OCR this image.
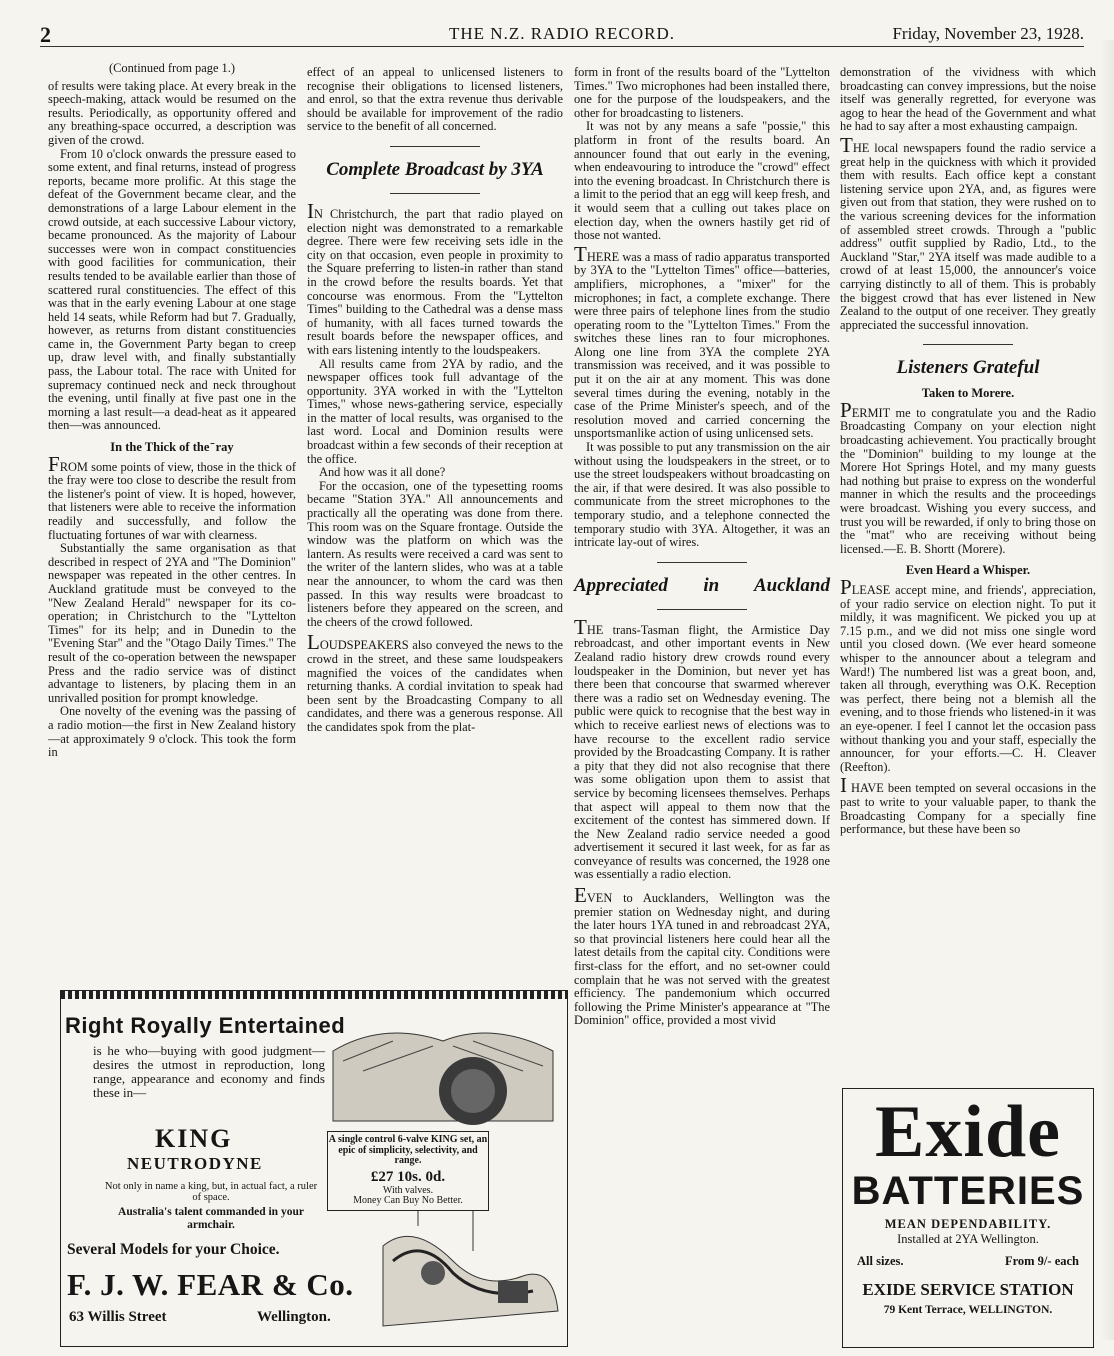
2	THE N.Z. RADIO RECORD.	Friday, November 23, 1928.
(Continued from page 1.)

of results were taking place. At every break in the speech-making, attack would be resumed on the results. Periodically, as opportunity offered and any breathing-space occurred, a description was given of the crowd.

From 10 o'clock onwards the pressure eased to some extent, and final returns, instead of progress reports, became more prolific. At this stage the defeat of the Government became clear, and the demonstrations of a large Labour element in the crowd outside, at each successive Labour victory, became pronounced. As the majority of Labour successes were won in compact constituencies with good facilities for communication, their results tended to be available earlier than those of scattered rural constituencies. The effect of this was that in the early evening Labour at one stage held 14 seats, while Reform had but 7. Gradually, however, as returns from distant constituencies came in, the Government Party began to creep up, draw level with, and finally substantially pass, the Labour total. The race with United for supremacy continued neck and neck throughout the evening, until finally at five past one in the morning a last result—a dead-heat as it appeared then—was announced.

In the Thick of the ̄ ray

FROM some points of view, those in the thick of the fray were too close to describe the result from the listener's point of view. It is hoped, however, that listeners were able to receive the information readily and successfully, and follow the fluctuating fortunes of war with clearness.

Substantially the same organisation as that described in respect of 2YA and "The Dominion" newspaper was repeated in the other centres. In Auckland gratitude must be conveyed to the "New Zealand Herald" newspaper for its co-operation; in Christchurch to the "Lyttelton Times" for its help; and in Dunedin to the "Evening Star" and the "Otago Daily Times." The result of the co-operation between the newspaper Press and the radio service was of distinct advantage to listeners, by placing them in an unrivalled position for prompt knowledge.

One novelty of the evening was the passing of a radio motion—the first in New Zealand history—at approximately 9 o'clock. This took the form in

effect of an appeal to unlicensed listeners to recognise their obligations to licensed listeners, and enrol, so that the extra revenue thus derivable should be available for improvement of the radio service to the benefit of all concerned.

Complete Broadcast by 3YA

IN Christchurch, the part that radio played on election night was demonstrated to a remarkable degree. There were few receiving sets idle in the city on that occasion, even people in proximity to the Square preferring to listen-in rather than stand in the crowd before the results boards. Yet that concourse was enormous. From the "Lyttelton Times" building to the Cathedral was a dense mass of humanity, with all faces turned towards the result boards before the newspaper offices, and with ears listening intently to the loudspeakers.

All results came from 2YA by radio, and the newspaper offices took full advantage of the opportunity. 3YA worked in with the "Lyttelton Times," whose news-gathering service, especially in the matter of local results, was organised to the last word. Local and Dominion results were broadcast within a few seconds of their reception at the office.

And how was it all done?

For the occasion, one of the typesetting rooms became "Station 3YA." All announcements and practically all the operating was done from there. This room was on the Square frontage. Outside the window was the platform on which was the lantern. As results were received a card was sent to the writer of the lantern slides, who was at a table near the announcer, to whom the card was then passed. In this way results were broadcast to listeners before they appeared on the screen, and the cheers of the crowd followed.

LOUDSPEAKERS also conveyed the news to the crowd in the street, and these same loudspeakers magnified the voices of the candidates when returning thanks. A cordial invitation to speak had been sent by the Broadcasting Company to all candidates, and there was a generous response. All the candidates spok from the plat-

form in front of the results board of the "Lyttelton Times." Two microphones had been installed there, one for the purpose of the loudspeakers, and the other for broadcasting to listeners.

It was not by any means a safe "possie," this platform in front of the results board. An announcer found that out early in the evening, when endeavouring to introduce the "crowd" effect into the evening broadcast. In Christchurch there is a limit to the period that an egg will keep fresh, and it would seem that a culling out takes place on election day, when the owners hastily get rid of those not wanted.

THERE was a mass of radio apparatus transported by 3YA to the "Lyttelton Times" office—batteries, amplifiers, microphones, a "mixer" for the microphones; in fact, a complete exchange. There were three pairs of telephone lines from the studio operating room to the "Lyttelton Times." From the switches these lines ran to four microphones. Along one line from 3YA the complete 2YA transmission was received, and it was possible to put it on the air at any moment. This was done several times during the evening, notably in the case of the Prime Minister's speech, and of the resolution moved and carried concerning the unsportsmanlike action of using unlicensed sets.

It was possible to put any transmission on the air without using the loudspeakers in the street, or to use the street loudspeakers without broadcasting on the air, if that were desired. It was also possible to communicate from the street microphones to the temporary studio, and a telephone connected the temporary studio with 3YA. Altogether, it was an intricate lay-out of wires.

Appreciated in Auckland

THE trans-Tasman flight, the Armistice Day rebroadcast, and other important events in New Zealand radio history drew crowds round every loudspeaker in the Dominion, but never yet has there been that concourse that swarmed wherever there was a radio set on Wednesday evening. The public were quick to recognise that the best way in which to receive earliest news of elections was to have recourse to the excellent radio service provided by the Broadcasting Company. It is rather a pity that they did not also recognise that there was some obligation upon them to assist that service by becoming licensees themselves. Perhaps that aspect will appeal to them now that the excitement of the contest has simmered down. If the New Zealand radio service needed a good advertisement it secured it last week, for as far as conveyance of results was concerned, the 1928 one was essentially a radio election.

EVEN to Aucklanders, Wellington was the premier station on Wednesday night, and during the later hours 1YA tuned in and rebroadcast 2YA, so that provincial listeners here could hear all the latest details from the capital city. Conditions were first-class for the effort, and no set-owner could complain that he was not served with the greatest efficiency. The pandemonium which occurred following the Prime Minister's appearance at "The Dominion" office, provided a most vivid

demonstration of the vividness with which broadcasting can convey impressions, but the noise itself was generally regretted, for everyone was agog to hear the head of the Government and what he had to say after a most exhausting campaign.

THE local newspapers found the radio service a great help in the quickness with which it provided them with results. Each office kept a constant listening service upon 2YA, and, as figures were given out from that station, they were rushed on to the various screening devices for the information of assembled street crowds. Through a "public address" outfit supplied by Radio, Ltd., to the Auckland "Star," 2YA itself was made audible to a crowd of at least 15,000, the announcer's voice carrying distinctly to all of them. This is probably the biggest crowd that has ever listened in New Zealand to the output of one receiver. They greatly appreciated the successful innovation.

Listeners Grateful
Taken to Morere.

PERMIT me to congratulate you and the Radio Broadcasting Company on your election night broadcasting achievement. You practically brought the "Dominion" building to my lounge at the Morere Hot Springs Hotel, and my many guests had nothing but praise to express on the wonderful manner in which the results and the proceedings were broadcast. Wishing you every success, and trust you will be rewarded, if only to bring those on the "mat" who are receiving without being licensed.—E. B. Shortt (Morere).

Even Heard a Whisper.

PLEASE accept mine, and friends', appreciation, of your radio service on election night. To put it mildly, it was magnificent. We picked you up at 7.15 p.m., and we did not miss one single word until you closed down. (We ever heard someone whisper to the announcer about a telegram and Ward!) The numbered list was a great boon, and, taken all through, everything was O.K. Reception was perfect, there being not a blemish all the evening, and to those friends who listened-in it was an eye-opener. I feel I cannot let the occasion pass without thanking you and your staff, especially the announcer, for your efforts.—C. H. Cleaver (Reefton).

I HAVE been tempted on several occasions in the past to write to your valuable paper, to thank the Broadcasting Company for a specially fine performance, but these have been so

Right Royally Entertained
is he who—buying with good judgment—desires the utmost in reproduction, long range, appearance and economy and finds these in—
A single control 6-valve KING set, an epic of simplicity, selectivity, and range.
£27 10s. 0d.
With valves.
Money Can Buy No Better.
KING
NEUTRODYNE
Not only in name a king, but, in actual fact, a ruler of space.
Australia's talent commanded in your armchair.
Several Models for your Choice.
F. J. W. FEAR & Co.
63 Willis Street	Wellington.
Exide
BATTERIES
MEAN DEPENDABILITY.
Installed at 2YA Wellington.
All sizes.	From 9/- each
EXIDE SERVICE STATION
79 Kent Terrace, WELLINGTON.
